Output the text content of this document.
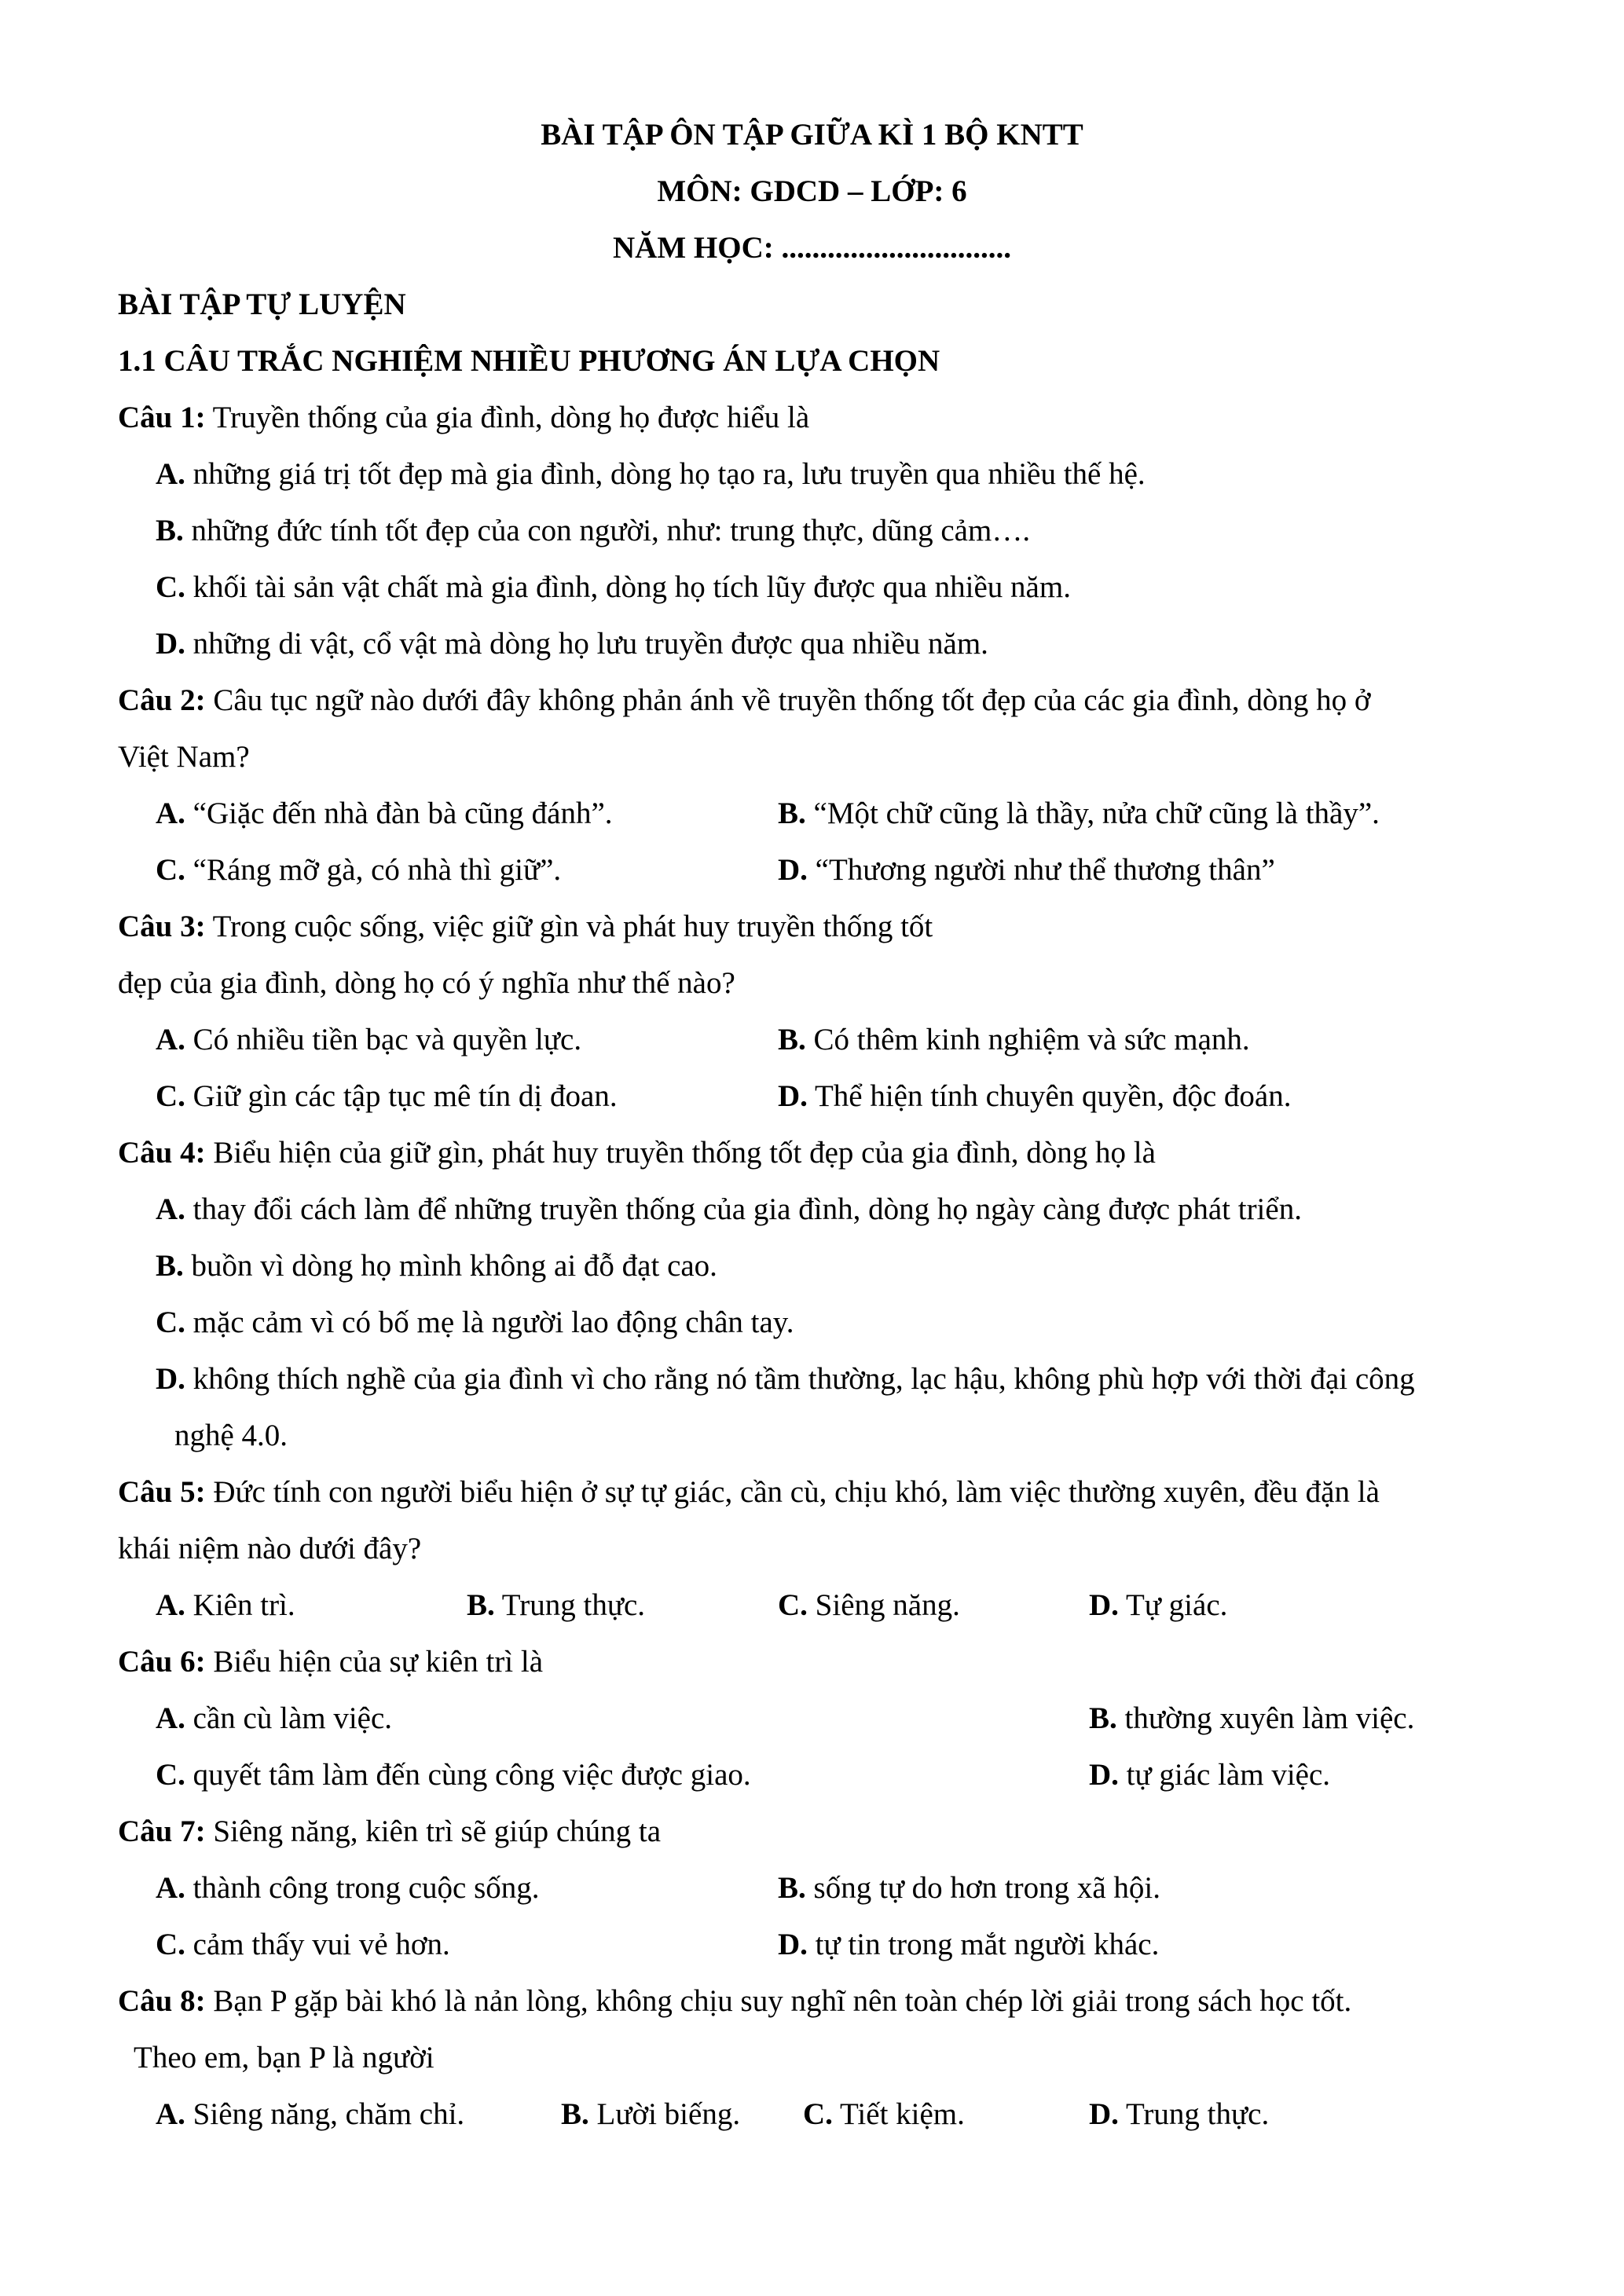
BÀI TẬP ÔN TẬP GIỮA KÌ 1 BỘ KNTT
MÔN: GDCD – LỚP: 6
NĂM HỌC: ..............................
BÀI TẬP TỰ LUYỆN
1.1 CÂU TRẮC NGHIỆM NHIỀU PHƯƠNG ÁN LỰA CHỌN
Câu 1: Truyền thống của gia đình, dòng họ được hiểu là
A. những giá trị tốt đẹp mà gia đình, dòng họ tạo ra, lưu truyền qua nhiều thế hệ.
B. những đức tính tốt đẹp của con người, như: trung thực, dũng cảm….
C. khối tài sản vật chất mà gia đình, dòng họ tích lũy được qua nhiều năm.
D. những di vật, cổ vật mà dòng họ lưu truyền được qua nhiều năm.
Câu 2: Câu tục ngữ nào dưới đây không phản ánh về truyền thống tốt đẹp của các gia đình, dòng họ ở
Việt Nam?
A. “Giặc đến nhà đàn bà cũng đánh”.	B. “Một chữ cũng là thầy, nửa chữ cũng là thầy”.
C. “Ráng mỡ gà, có nhà thì giữ”.	D. “Thương người như thể thương thân”
Câu 3: Trong cuộc sống, việc giữ gìn và phát huy truyền thống tốt
đẹp của gia đình, dòng họ có ý nghĩa như thế nào?
A. Có nhiều tiền bạc và quyền lực.	B. Có thêm kinh nghiệm và sức mạnh.
C. Giữ gìn các tập tục mê tín dị đoan.	D. Thể hiện tính chuyên quyền, độc đoán.
Câu 4: Biểu hiện của giữ gìn, phát huy truyền thống tốt đẹp của gia đình, dòng họ là
A. thay đổi cách làm để những truyền thống của gia đình, dòng họ ngày càng được phát triển.
B. buồn vì dòng họ mình không ai đỗ đạt cao.
C. mặc cảm vì có bố mẹ là người lao động chân tay.
D. không thích nghề của gia đình vì cho rằng nó tầm thường, lạc hậu, không phù hợp với thời đại công
nghệ 4.0.
Câu 5: Đức tính con người biểu hiện ở sự tự giác, cần cù, chịu khó, làm việc thường xuyên, đều đặn là
khái niệm nào dưới đây?
A. Kiên trì.	B. Trung thực.	C. Siêng năng.	D. Tự giác.
Câu 6: Biểu hiện của sự kiên trì là
A. cần cù làm việc.	B. thường xuyên làm việc.
C. quyết tâm làm đến cùng công việc được giao.	D. tự giác làm việc.
Câu 7: Siêng năng, kiên trì sẽ giúp chúng ta
A. thành công trong cuộc sống.	B. sống tự do hơn trong xã hội.
C. cảm thấy vui vẻ hơn.	D. tự tin trong mắt người khác.
Câu 8: Bạn P gặp bài khó là nản lòng, không chịu suy nghĩ nên toàn chép lời giải trong sách học tốt.
Theo em, bạn P là người
A. Siêng năng, chăm chỉ.	B. Lười biếng. C. Tiết kiệm.	D. Trung thực.
